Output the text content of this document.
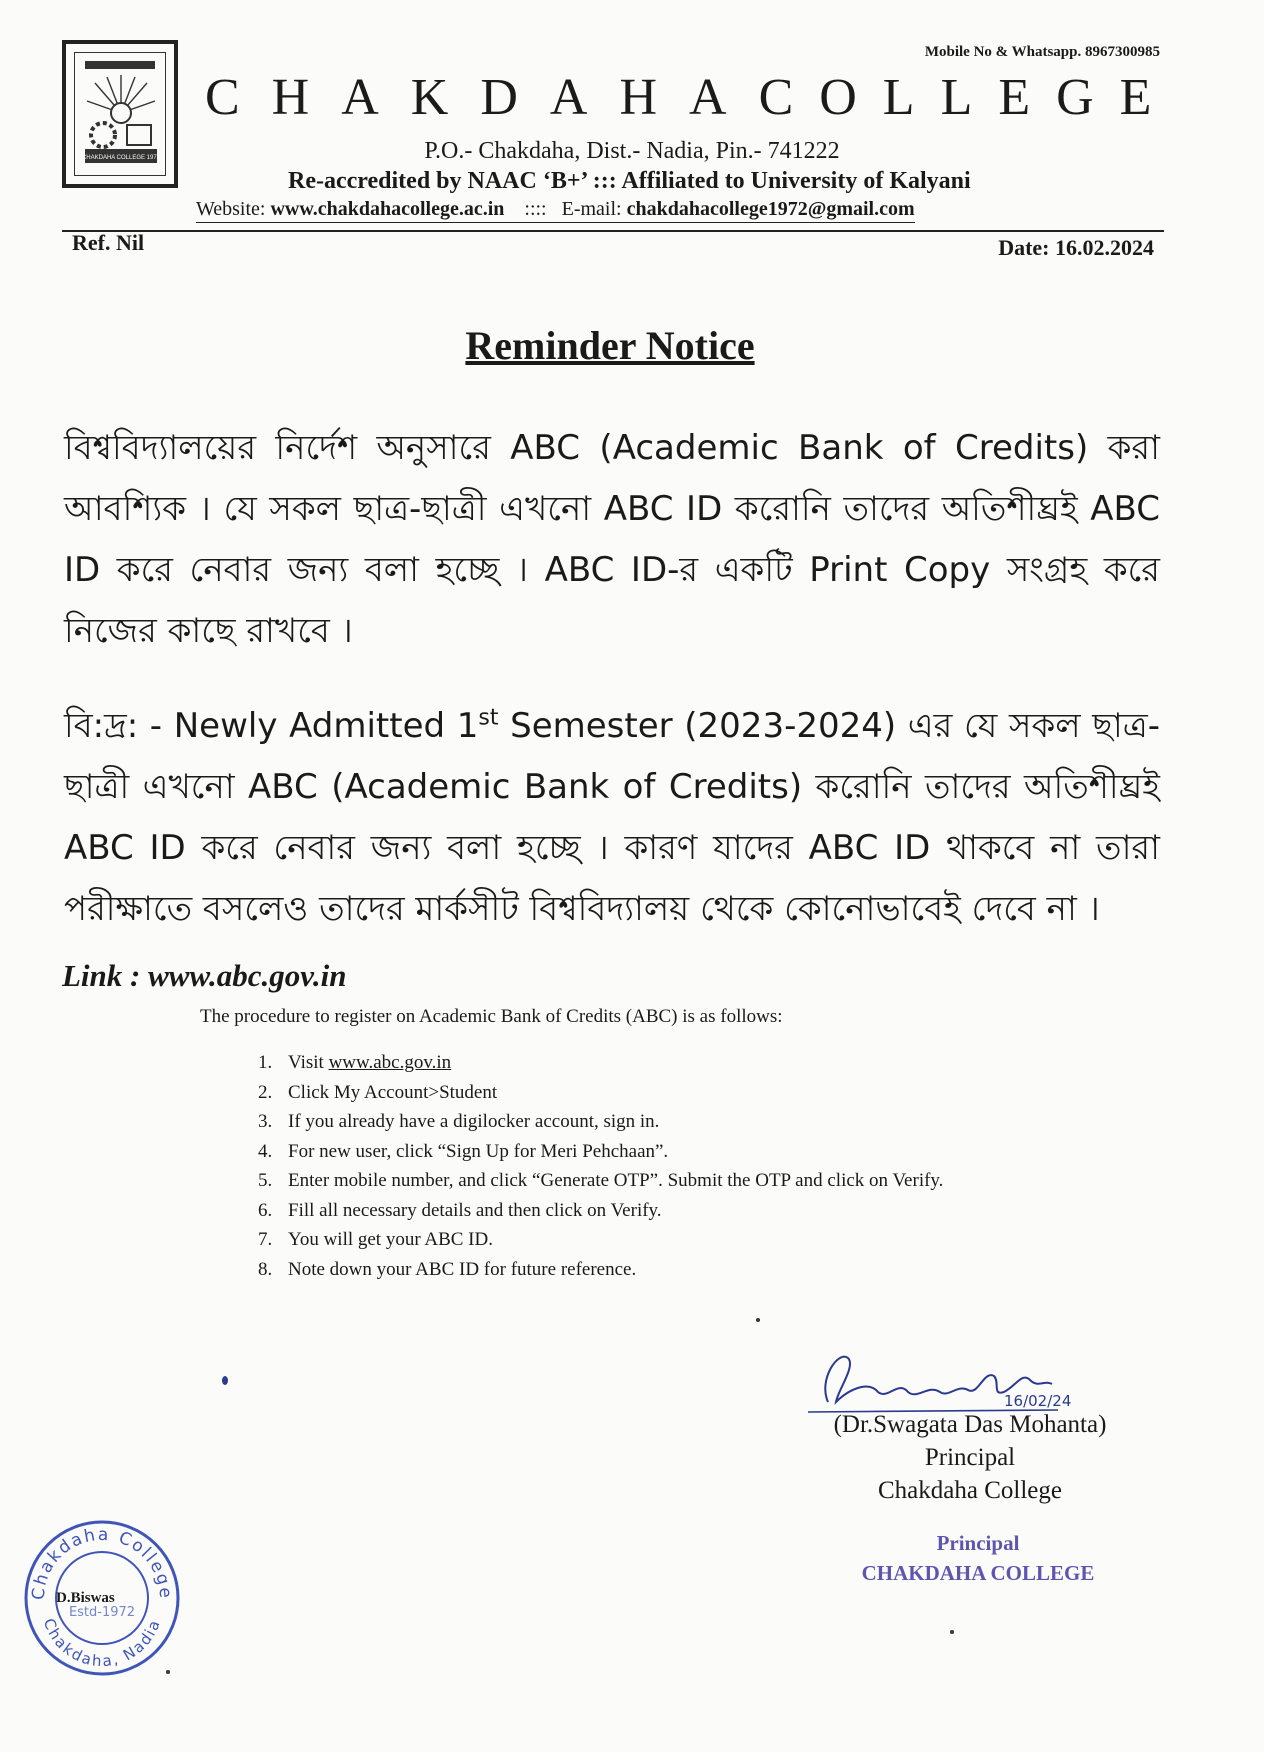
CHAKDAHA COLLEGE 1972
Mobile No & Whatsapp. 8967300985
CHAKDAHA COLLEGE
P.O.- Chakdaha, Dist.- Nadia, Pin.- 741222
Re-accredited by NAAC ‘B+’ ::: Affiliated to University of Kalyani
Website: www.chakdahacollege.ac.in    ::::   E-mail: chakdahacollege1972@gmail.com
Ref. Nil	Date: 16.02.2024
Reminder Notice
বিশ্ববিদ্যালয়ের নির্দেশ অনুসারে ABC (Academic Bank of Credits) করা আবশ্যিক । যে সকল ছাত্র-ছাত্রী এখনো ABC ID করোনি তাদের অতিশীঘ্রই ABC ID করে নেবার জন্য বলা হচ্ছে । ABC ID-র একটি Print Copy সংগ্রহ করে নিজের কাছে রাখবে ।
বি:দ্র: - Newly Admitted 1st Semester (2023-2024) এর যে সকল ছাত্র-ছাত্রী এখনো ABC (Academic Bank of Credits) করোনি তাদের অতিশীঘ্রই ABC ID করে নেবার জন্য বলা হচ্ছে । কারণ যাদের ABC ID থাকবে না তারা পরীক্ষাতে বসলেও তাদের মার্কসীট বিশ্ববিদ্যালয় থেকে কোনোভাবেই দেবে না ।
Link : www.abc.gov.in
The procedure to register on Academic Bank of Credits (ABC) is as follows:
1. Visit www.abc.gov.in
2. Click My Account>Student
3. If you already have a digilocker account, sign in.
4. For new user, click “Sign Up for Meri Pehchaan”.
5. Enter mobile number, and click “Generate OTP”. Submit the OTP and click on Verify.
6. Fill all necessary details and then click on Verify.
7. You will get your ABC ID.
8. Note down your ABC ID for future reference.
16/02/24
(Dr.Swagata Das Mohanta)
Principal
Chakdaha College
Principal
CHAKDAHA COLLEGE
Chakdaha College
Chakdaha, Nadia
Estd-1972
D.Biswas
